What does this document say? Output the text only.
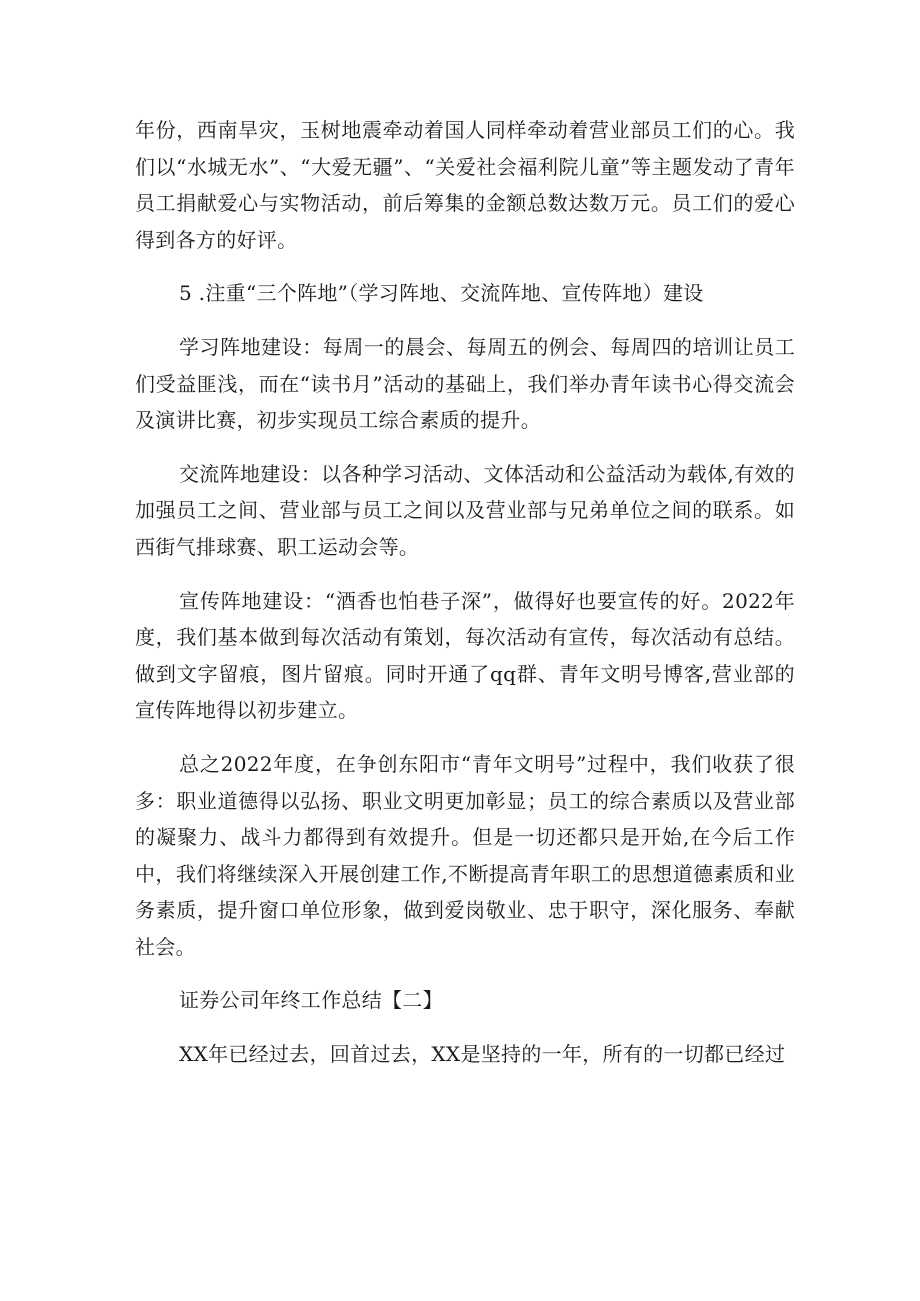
年份，西南旱灾，玉树地震牵动着国人同样牵动着营业部员工们的心。我们以“水城无水”、“大爱无疆”、“关爱社会福利院儿童”等主题发动了青年员工捐献爱心与实物活动，前后筹集的金额总数达数万元。员工们的爱心得到各方的好评。

5 .注重“三个阵地”（学习阵地、交流阵地、宣传阵地）建设

学习阵地建设：每周一的晨会、每周五的例会、每周四的培训让员工们受益匪浅，而在“读书月”活动的基础上，我们举办青年读书心得交流会及演讲比赛，初步实现员工综合素质的提升。

交流阵地建设：以各种学习活动、文体活动和公益活动为载体,有效的加强员工之间、营业部与员工之间以及营业部与兄弟单位之间的联系。如西街气排球赛、职工运动会等。

宣传阵地建设：“酒香也怕巷子深”，做得好也要宣传的好。2022年度，我们基本做到每次活动有策划，每次活动有宣传，每次活动有总结。做到文字留痕，图片留痕。同时开通了qq群、青年文明号博客,营业部的宣传阵地得以初步建立。

总之2022年度，在争创东阳市“青年文明号”过程中，我们收获了很多：职业道德得以弘扬、职业文明更加彰显；员工的综合素质以及营业部的凝聚力、战斗力都得到有效提升。但是一切还都只是开始,在今后工作中，我们将继续深入开展创建工作,不断提高青年职工的思想道德素质和业务素质，提升窗口单位形象，做到爱岗敬业、忠于职守，深化服务、奉献社会。

证券公司年终工作总结【二】

XX年已经过去，回首过去，XX是坚持的一年，所有的一切都已经过
